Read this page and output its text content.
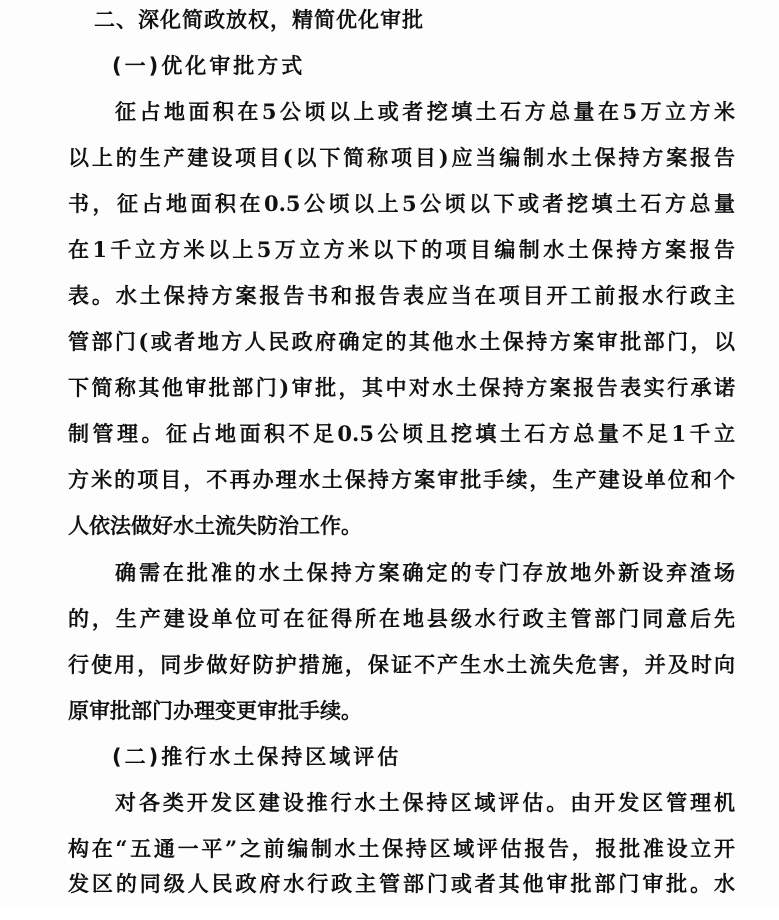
二、深化简政放权，精简优化审批
(一)优化审批方式
征占地面积在5公顷以上或者挖填土石方总量在5万立方米
以上的生产建设项目(以下简称项目)应当编制水土保持方案报告
书，征占地面积在0.5公顷以上5公顷以下或者挖填土石方总量
在1千立方米以上5万立方米以下的项目编制水土保持方案报告
表。水土保持方案报告书和报告表应当在项目开工前报水行政主
管部门(或者地方人民政府确定的其他水土保持方案审批部门，以
下简称其他审批部门)审批，其中对水土保持方案报告表实行承诺
制管理。征占地面积不足0.5公顷且挖填土石方总量不足1千立
方米的项目，不再办理水土保持方案审批手续，生产建设单位和个
人依法做好水土流失防治工作。
确需在批准的水土保持方案确定的专门存放地外新设弃渣场
的，生产建设单位可在征得所在地县级水行政主管部门同意后先
行使用，同步做好防护措施，保证不产生水土流失危害，并及时向
原审批部门办理变更审批手续。
(二)推行水土保持区域评估
对各类开发区建设推行水土保持区域评估。由开发区管理机
构在“五通一平”之前编制水土保持区域评估报告，报批准设立开
发区的同级人民政府水行政主管部门或者其他审批部门审批。水
